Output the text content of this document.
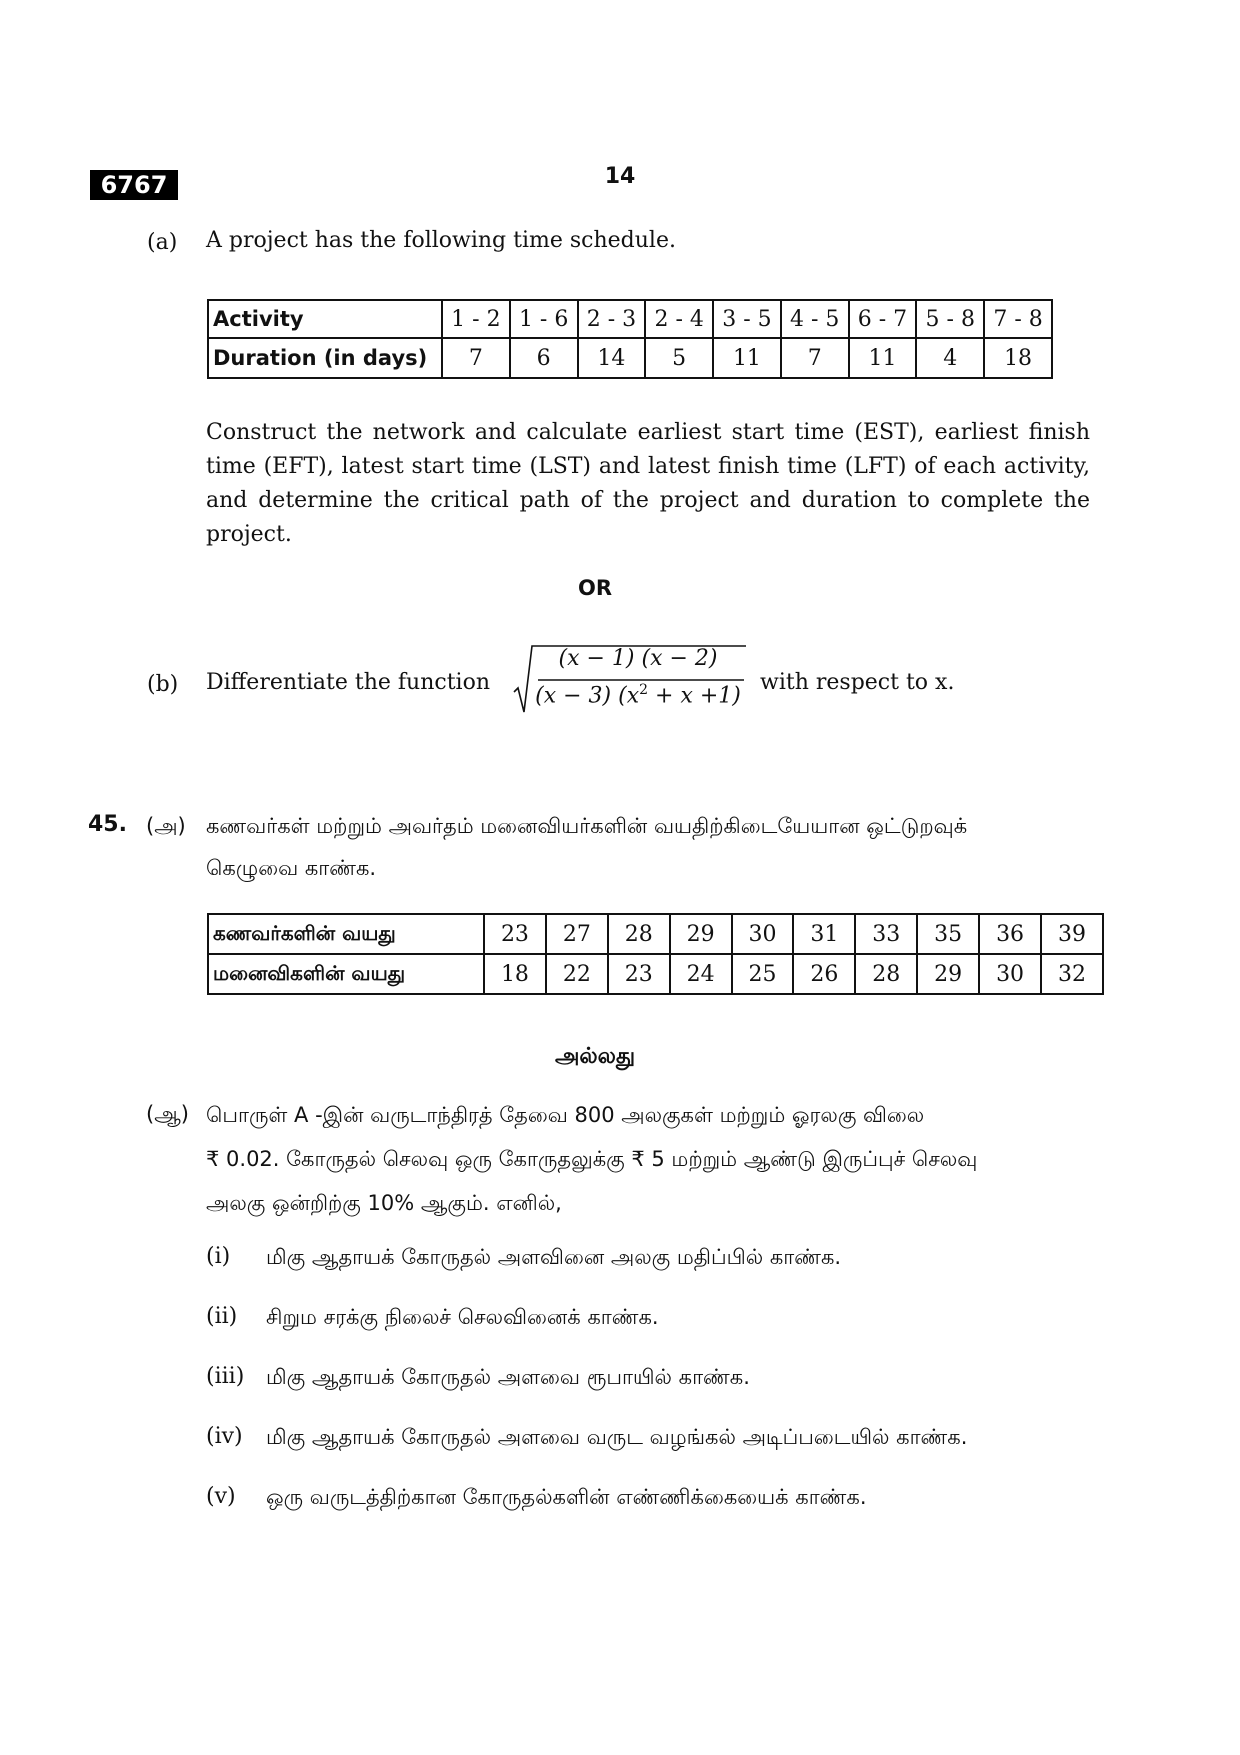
6767	14
(a) A project has the following time schedule.
Activity	1 - 2	1 - 6	2 - 3	2 - 4	3 - 5	4 - 5	6 - 7	5 - 8	7 - 8
Duration (in days)	7	6	14	5	11	7	11	4	18
Construct the network and calculate earliest start time (EST), earliest finish
time (EFT), latest start time (LST) and latest finish time (LFT) of each activity,
and determine the critical path of the project and duration to complete the
project.
OR
(b) Differentiate the function
(x − 1) (x − 2)
(x − 3) $(x^2 + x +1)$
with respect to x.
45. (அ) கணவர்கள் மற்றும் அவர்தம் மனைவியர்களின் வயதிற்கிடையேயான ஒட்டுறவுக்
கெழுவை காண்க.
கணவர்களின் வயது	23	27	28	29	30	31	33	35	36	39
மனைவிகளின் வயது	18	22	23	24	25	26	28	29	30	32
அல்லது
(ஆ) பொருள் A -இன் வருடாந்திரத் தேவை 800 அலகுகள் மற்றும் ஓரலகு விலை
₹ 0.02. கோருதல் செலவு ஒரு கோருதலுக்கு ₹ 5 மற்றும் ஆண்டு இருப்புச் செலவு
அலகு ஒன்றிற்கு 10% ஆகும். எனில்,
(i) மிகு ஆதாயக் கோருதல் அளவினை அலகு மதிப்பில் காண்க.
(ii) சிறும சரக்கு நிலைச் செலவினைக் காண்க.
(iii) மிகு ஆதாயக் கோருதல் அளவை ரூபாயில் காண்க.
(iv) மிகு ஆதாயக் கோருதல் அளவை வருட வழங்கல் அடிப்படையில் காண்க.
(v) ஒரு வருடத்திற்கான கோருதல்களின் எண்ணிக்கையைக் காண்க.
